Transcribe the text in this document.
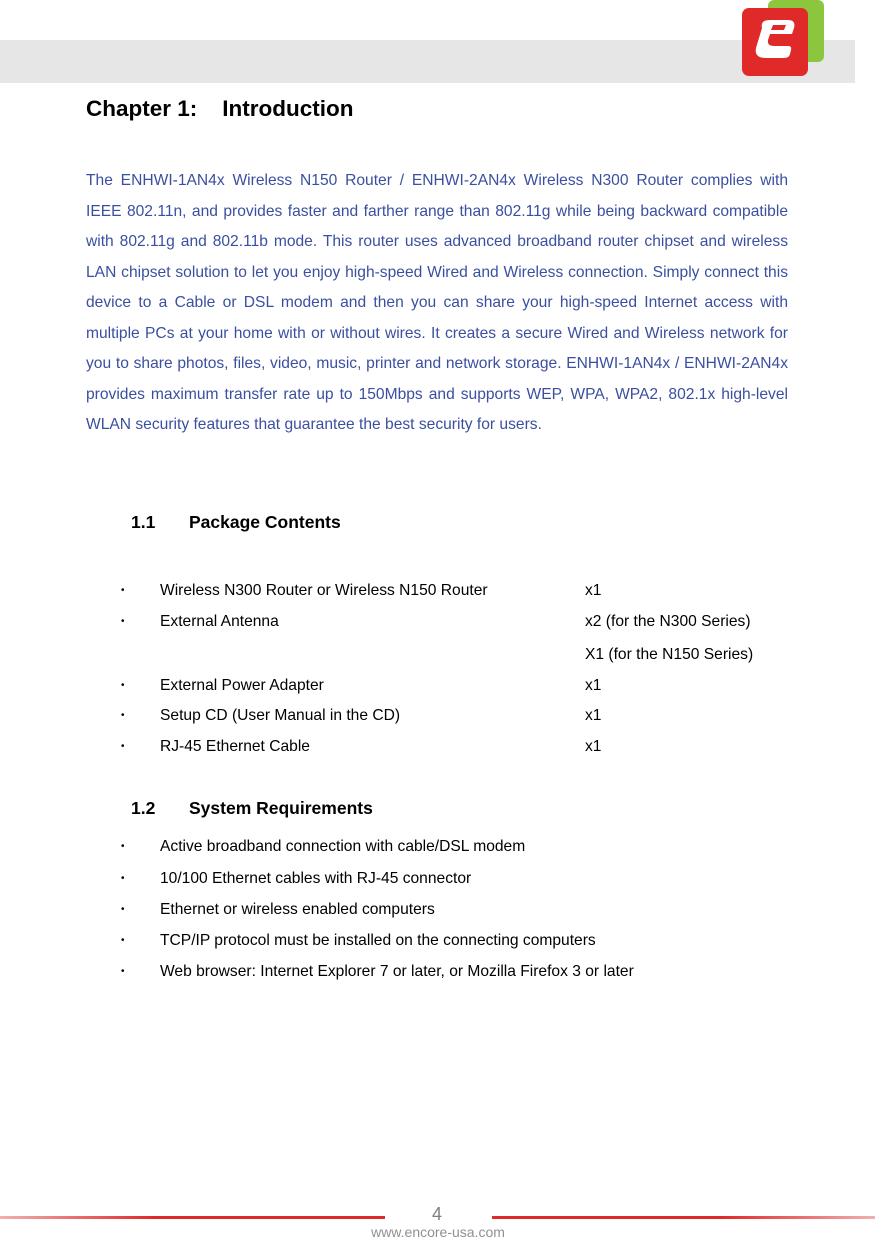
Chapter 1:    Introduction

The ENHWI-1AN4x Wireless N150 Router / ENHWI-2AN4x Wireless N300 Router complies with IEEE 802.11n, and provides faster and farther range than 802.11g while being backward compatible with 802.11g and 802.11b mode. This router uses advanced broadband router chipset and wireless LAN chipset solution to let you enjoy high-speed Wired and Wireless connection. Simply connect this device to a Cable or DSL modem and then you can share your high-speed Internet access with multiple PCs at your home with or without wires. It creates a secure Wired and Wireless network for you to share photos, files, video, music, printer and network storage. ENHWI-1AN4x / ENHWI-2AN4x provides maximum transfer rate up to 150Mbps and supports WEP, WPA, WPA2, 802.1x high-level WLAN security features that guarantee the best security for users.

1.1 Package Contents
• Wireless N300 Router or Wireless N150 Router	x1
• External Antenna	x2 (for the N300 Series)
X1 (for the N150 Series)
• External Power Adapter	x1
• Setup CD (User Manual in the CD)	x1
• RJ-45 Ethernet Cable	x1
1.2 System Requirements
• Active broadband connection with cable/DSL modem
• 10/100 Ethernet cables with RJ-45 connector
• Ethernet or wireless enabled computers
• TCP/IP protocol must be installed on the connecting computers
• Web browser: Internet Explorer 7 or later, or Mozilla Firefox 3 or later
4
www.encore-usa.com
